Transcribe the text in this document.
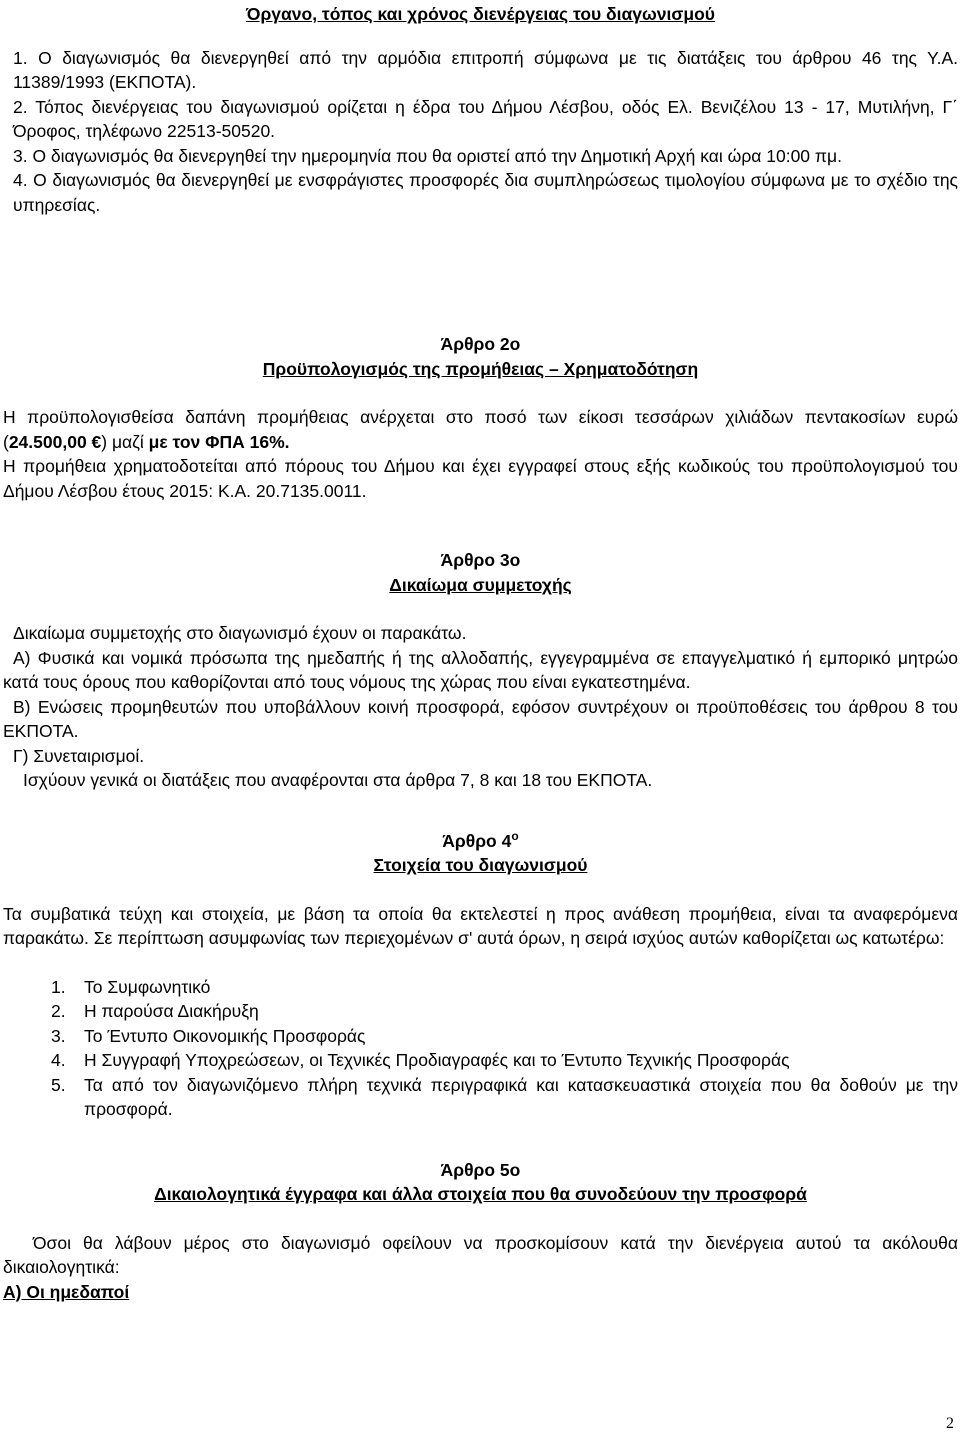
Όργανο, τόπος και χρόνος διενέργειας του διαγωνισμού
1. Ο διαγωνισμός θα διενεργηθεί από την αρμόδια επιτροπή σύμφωνα με τις διατάξεις του άρθρου 46 της Υ.Α. 11389/1993 (ΕΚΠΟΤΑ).
2. Τόπος διενέργειας του διαγωνισμού ορίζεται η έδρα του Δήμου Λέσβου, οδός Ελ. Βενιζέλου 13 - 17, Μυτιλήνη, Γ΄ Όροφος, τηλέφωνο 22513-50520.
3. Ο διαγωνισμός θα διενεργηθεί την ημερομηνία που θα οριστεί από την Δημοτική Αρχή και ώρα 10:00 πμ.
4. Ο διαγωνισμός θα διενεργηθεί με ενσφράγιστες προσφορές δια συμπληρώσεως τιμολογίου σύμφωνα με το σχέδιο της υπηρεσίας.
Άρθρο 2ο
Προϋπολογισμός της προμήθειας – Χρηματοδότηση
Η προϋπολογισθείσα δαπάνη προμήθειας ανέρχεται στο ποσό των είκοσι τεσσάρων χιλιάδων πεντακοσίων ευρώ (24.500,00 €) μαζί με τον ΦΠΑ 16%.
Η προμήθεια χρηματοδοτείται από πόρους του Δήμου και έχει εγγραφεί στους εξής κωδικούς του προϋπολογισμού του Δήμου Λέσβου έτους 2015: Κ.Α. 20.7135.0011.
Άρθρο 3ο
Δικαίωμα συμμετοχής
Δικαίωμα συμμετοχής στο διαγωνισμό έχουν οι παρακάτω.
Α) Φυσικά και νομικά πρόσωπα της ημεδαπής ή της αλλοδαπής, εγγεγραμμένα σε επαγγελματικό ή εμπορικό μητρώο κατά τους όρους που καθορίζονται από τους νόμους της χώρας που είναι εγκατεστημένα.
Β) Ενώσεις προμηθευτών που υποβάλλουν κοινή προσφορά, εφόσον συντρέχουν οι προϋποθέσεις του άρθρου 8 του ΕΚΠΟΤΑ.
Γ) Συνεταιρισμοί.
Ισχύουν γενικά οι διατάξεις που αναφέρονται στα άρθρα 7, 8 και 18 του ΕΚΠΟΤΑ.
Άρθρο $4^o$
Στοιχεία του διαγωνισμού
Τα συμβατικά τεύχη και στοιχεία, με βάση τα οποία θα εκτελεστεί η προς ανάθεση προμήθεια, είναι τα αναφερόμενα παρακάτω. Σε περίπτωση ασυμφωνίας των περιεχομένων σ' αυτά όρων, η σειρά ισχύος αυτών καθορίζεται ως κατωτέρω:
1.	Το Συμφωνητικό
2.	Η παρούσα Διακήρυξη
3.	Το Έντυπο Οικονομικής Προσφοράς
4.	Η Συγγραφή Υποχρεώσεων, οι Τεχνικές Προδιαγραφές και το Έντυπο Τεχνικής Προσφοράς
5.	Τα από τον διαγωνιζόμενο πλήρη τεχνικά περιγραφικά και κατασκευαστικά στοιχεία που θα δοθούν με την προσφορά.
Άρθρο 5ο
Δικαιολογητικά έγγραφα και άλλα στοιχεία που θα συνοδεύουν την προσφορά
Όσοι θα λάβουν μέρος στο διαγωνισμό οφείλουν να προσκομίσουν κατά την διενέργεια αυτού τα ακόλουθα δικαιολογητικά:
Α) Οι ημεδαποί
2
